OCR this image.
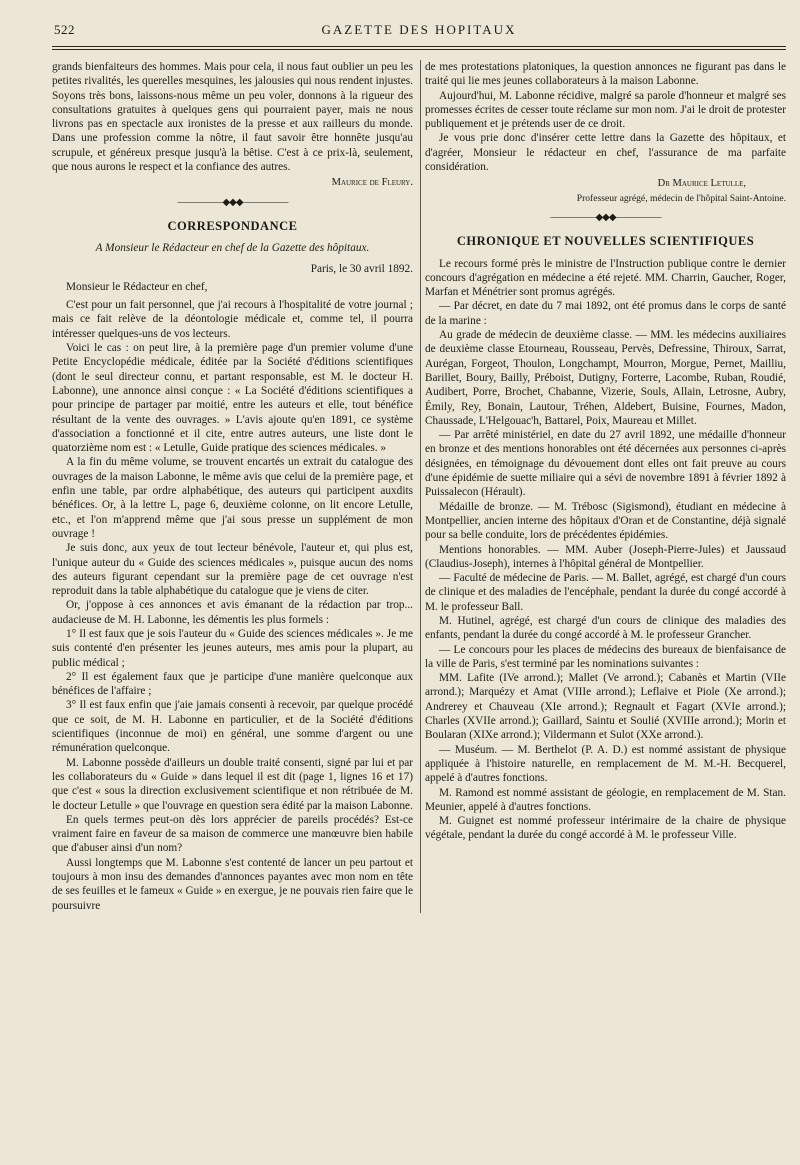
522	GAZETTE DES HOPITAUX

grands bienfaiteurs des hommes. Mais pour cela, il nous faut oublier un peu les petites rivalités, les querelles mesquines, les jalousies qui nous rendent injustes. Soyons très bons, laissons-nous même un peu voler, donnons à la rigueur des consultations gratuites à quelques gens qui pourraient payer, mais ne nous livrons pas en spectacle aux ironistes de la presse et aux railleurs du monde. Dans une profession comme la nôtre, il faut savoir être honnête jusqu'au scrupule, et généreux presque jusqu'à la bêtise. C'est à ce prix-là, seulement, que nous aurons le respect et la confiance des autres.

Maurice de Fleury.
—————◆◆◆—————
CORRESPONDANCE
A Monsieur le Rédacteur en chef de la Gazette des hôpitaux.
Paris, le 30 avril 1892.
Monsieur le Rédacteur en chef,

C'est pour un fait personnel, que j'ai recours à l'hospitalité de votre journal ; mais ce fait relève de la déontologie médicale et, comme tel, il pourra intéresser quelques-uns de vos lecteurs.

Voici le cas : on peut lire, à la première page d'un premier volume d'une Petite Encyclopédie médicale, éditée par la Société d'éditions scientifiques (dont le seul directeur connu, et partant responsable, est M. le docteur H. Labonne), une annonce ainsi conçue : « La Société d'éditions scientifiques a pour principe de partager par moitié, entre les auteurs et elle, tout bénéfice résultant de la vente des ouvrages. » L'avis ajoute qu'en 1891, ce système d'association a fonctionné et il cite, entre autres auteurs, une liste dont le quatorzième nom est : « Letulle, Guide pratique des sciences médicales. »

A la fin du même volume, se trouvent encartés un extrait du catalogue des ouvrages de la maison Labonne, le même avis que celui de la première page, et enfin une table, par ordre alphabétique, des auteurs qui participent auxdits bénéfices. Or, à la lettre L, page 6, deuxième colonne, on lit encore Letulle, etc., et l'on m'apprend même que j'ai sous presse un supplément de mon ouvrage !

Je suis donc, aux yeux de tout lecteur bénévole, l'auteur et, qui plus est, l'unique auteur du « Guide des sciences médicales », puisque aucun des noms des auteurs figurant cependant sur la première page de cet ouvrage n'est reproduit dans la table alphabétique du catalogue que je viens de citer.

Or, j'oppose à ces annonces et avis émanant de la rédaction par trop... audacieuse de M. H. Labonne, les démentis les plus formels :

1° Il est faux que je sois l'auteur du « Guide des sciences médicales ». Je me suis contenté d'en présenter les jeunes auteurs, mes amis pour la plupart, au public médical ;

2° Il est également faux que je participe d'une manière quelconque aux bénéfices de l'affaire ;

3° Il est faux enfin que j'aie jamais consenti à recevoir, par quelque procédé que ce soit, de M. H. Labonne en particulier, et de la Société d'éditions scientifiques (inconnue de moi) en général, une somme d'argent ou une rémunération quelconque.

M. Labonne possède d'ailleurs un double traité consenti, signé par lui et par les collaborateurs du « Guide » dans lequel il est dit (page 1, lignes 16 et 17) que c'est « sous la direction exclusivement scientifique et non rétribuée de M. le docteur Letulle » que l'ouvrage en question sera édité par la maison Labonne.

En quels termes peut-on dès lors apprécier de pareils procédés? Est-ce vraiment faire en faveur de sa maison de commerce une manœuvre bien habile que d'abuser ainsi d'un nom?

Aussi longtemps que M. Labonne s'est contenté de lancer un peu partout et toujours à mon insu des demandes d'annonces payantes avec mon nom en tête de ses feuilles et le fameux « Guide » en exergue, je ne pouvais rien faire que le poursuivre

de mes protestations platoniques, la question annonces ne figurant pas dans le traité qui lie mes jeunes collaborateurs à la maison Labonne.

Aujourd'hui, M. Labonne récidive, malgré sa parole d'honneur et malgré ses promesses écrites de cesser toute réclame sur mon nom. J'ai le droit de protester publiquement et je prétends user de ce droit.

Je vous prie donc d'insérer cette lettre dans la Gazette des hôpitaux, et d'agréer, Monsieur le rédacteur en chef, l'assurance de ma parfaite considération.

Dr Maurice Letulle,
Professeur agrégé, médecin de l'hôpital Saint-Antoine.
—————◆◆◆—————
CHRONIQUE ET NOUVELLES SCIENTIFIQUES

Le recours formé près le ministre de l'Instruction publique contre le dernier concours d'agrégation en médecine a été rejeté. MM. Charrin, Gaucher, Roger, Marfan et Ménétrier sont promus agrégés.

— Par décret, en date du 7 mai 1892, ont été promus dans le corps de santé de la marine :

Au grade de médecin de deuxième classe. — MM. les médecins auxiliaires de deuxième classe Etourneau, Rousseau, Pervès, Defressine, Thiroux, Sarrat, Aurégan, Forgeot, Thoulon, Longchampt, Mourron, Morgue, Pernet, Mailliu, Barillet, Boury, Bailly, Préboist, Dutigny, Forterre, Lacombe, Ruban, Roudié, Audibert, Porre, Brochet, Chabanne, Vizerie, Souls, Allain, Letrosne, Aubry, Émily, Rey, Bonain, Lautour, Tréhen, Aldebert, Buisine, Fournes, Madon, Chaussade, L'Helgouac'h, Battarel, Poix, Maureau et Millet.

— Par arrêté ministériel, en date du 27 avril 1892, une médaille d'honneur en bronze et des mentions honorables ont été décernées aux personnes ci-après désignées, en témoignage du dévouement dont elles ont fait preuve au cours d'une épidémie de suette miliaire qui a sévi de novembre 1891 à février 1892 à Puissalecon (Hérault).

Médaille de bronze. — M. Trébosc (Sigismond), étudiant en médecine à Montpellier, ancien interne des hôpitaux d'Oran et de Constantine, déjà signalé pour sa belle conduite, lors de précédentes épidémies.

Mentions honorables. — MM. Auber (Joseph-Pierre-Jules) et Jaussaud (Claudius-Joseph), internes à l'hôpital général de Montpellier.

— Faculté de médecine de Paris. — M. Ballet, agrégé, est chargé d'un cours de clinique et des maladies de l'encéphale, pendant la durée du congé accordé à M. le professeur Ball.

M. Hutinel, agrégé, est chargé d'un cours de clinique des maladies des enfants, pendant la durée du congé accordé à M. le professeur Grancher.

— Le concours pour les places de médecins des bureaux de bienfaisance de la ville de Paris, s'est terminé par les nominations suivantes :

MM. Lafite (IVe arrond.); Mallet (Ve arrond.); Cabanès et Martin (VIIe arrond.); Marquézy et Amat (VIIIe arrond.); Leflaive et Piole (Xe arrond.); Andrerey et Chauveau (XIe arrond.); Regnault et Fagart (XVIe arrond.); Charles (XVIIe arrond.); Gaillard, Saintu et Soulié (XVIIIe arrond.); Morin et Boularan (XIXe arrond.); Vildermann et Sulot (XXe arrond.).

— Muséum. — M. Berthelot (P. A. D.) est nommé assistant de physique appliquée à l'histoire naturelle, en remplacement de M. M.-H. Becquerel, appelé à d'autres fonctions.

M. Ramond est nommé assistant de géologie, en remplacement de M. Stan. Meunier, appelé à d'autres fonctions.

M. Guignet est nommé professeur intérimaire de la chaire de physique végétale, pendant la durée du congé accordé à M. le professeur Ville.
